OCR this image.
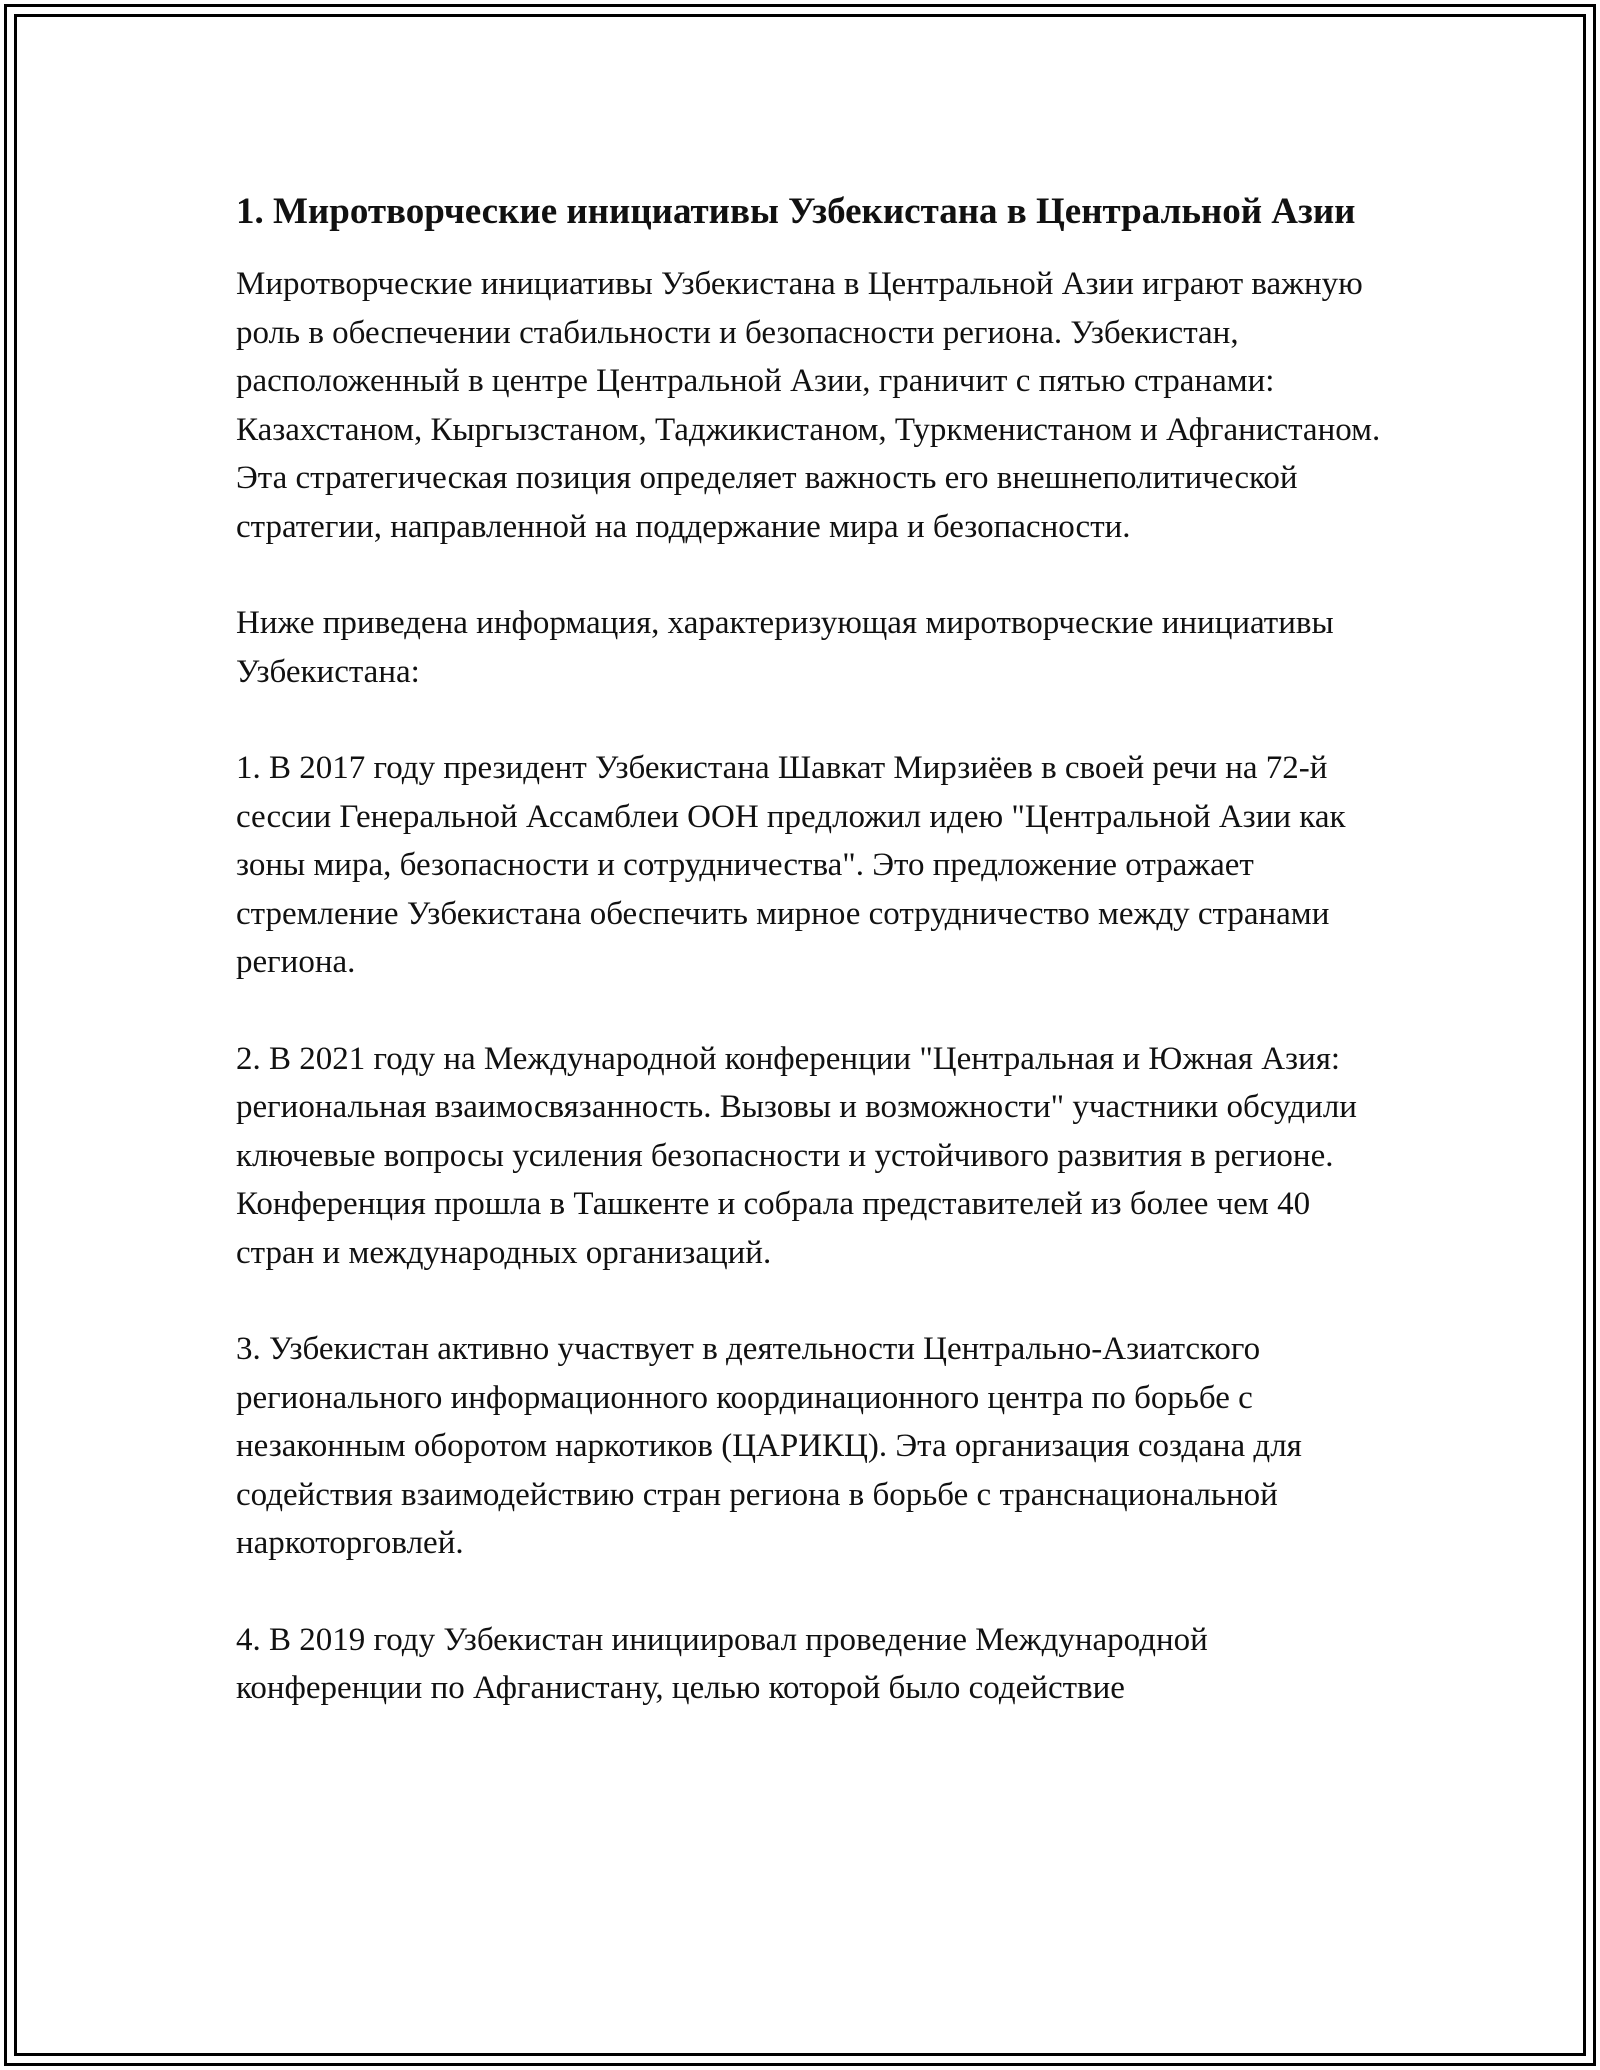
1. Миротворческие инициативы Узбекистана в Центральной Азии

Миротворческие инициативы Узбекистана в Центральной Азии играют важную роль в обеспечении стабильности и безопасности региона. Узбекистан, расположенный в центре Центральной Азии, граничит с пятью странами: Казахстаном, Кыргызстаном, Таджикистаном, Туркменистаном и Афганистаном. Эта стратегическая позиция определяет важность его внешнеполитической стратегии, направленной на поддержание мира и безопасности.

Ниже приведена информация, характеризующая миротворческие инициативы Узбекистана:

1. В 2017 году президент Узбекистана Шавкат Мирзиёев в своей речи на 72-й сессии Генеральной Ассамблеи ООН предложил идею "Центральной Азии как зоны мира, безопасности и сотрудничества". Это предложение отражает стремление Узбекистана обеспечить мирное сотрудничество между странами региона.

2. В 2021 году на Международной конференции "Центральная и Южная Азия: региональная взаимосвязанность. Вызовы и возможности" участники обсудили ключевые вопросы усиления безопасности и устойчивого развития в регионе. Конференция прошла в Ташкенте и собрала представителей из более чем 40 стран и международных организаций.

3. Узбекистан активно участвует в деятельности Центрально-Азиатского регионального информационного координационного центра по борьбе с незаконным оборотом наркотиков (ЦАРИКЦ). Эта организация создана для содействия взаимодействию стран региона в борьбе с транснациональной наркоторговлей.

4. В 2019 году Узбекистан инициировал проведение Международной конференции по Афганистану, целью которой было содействие
